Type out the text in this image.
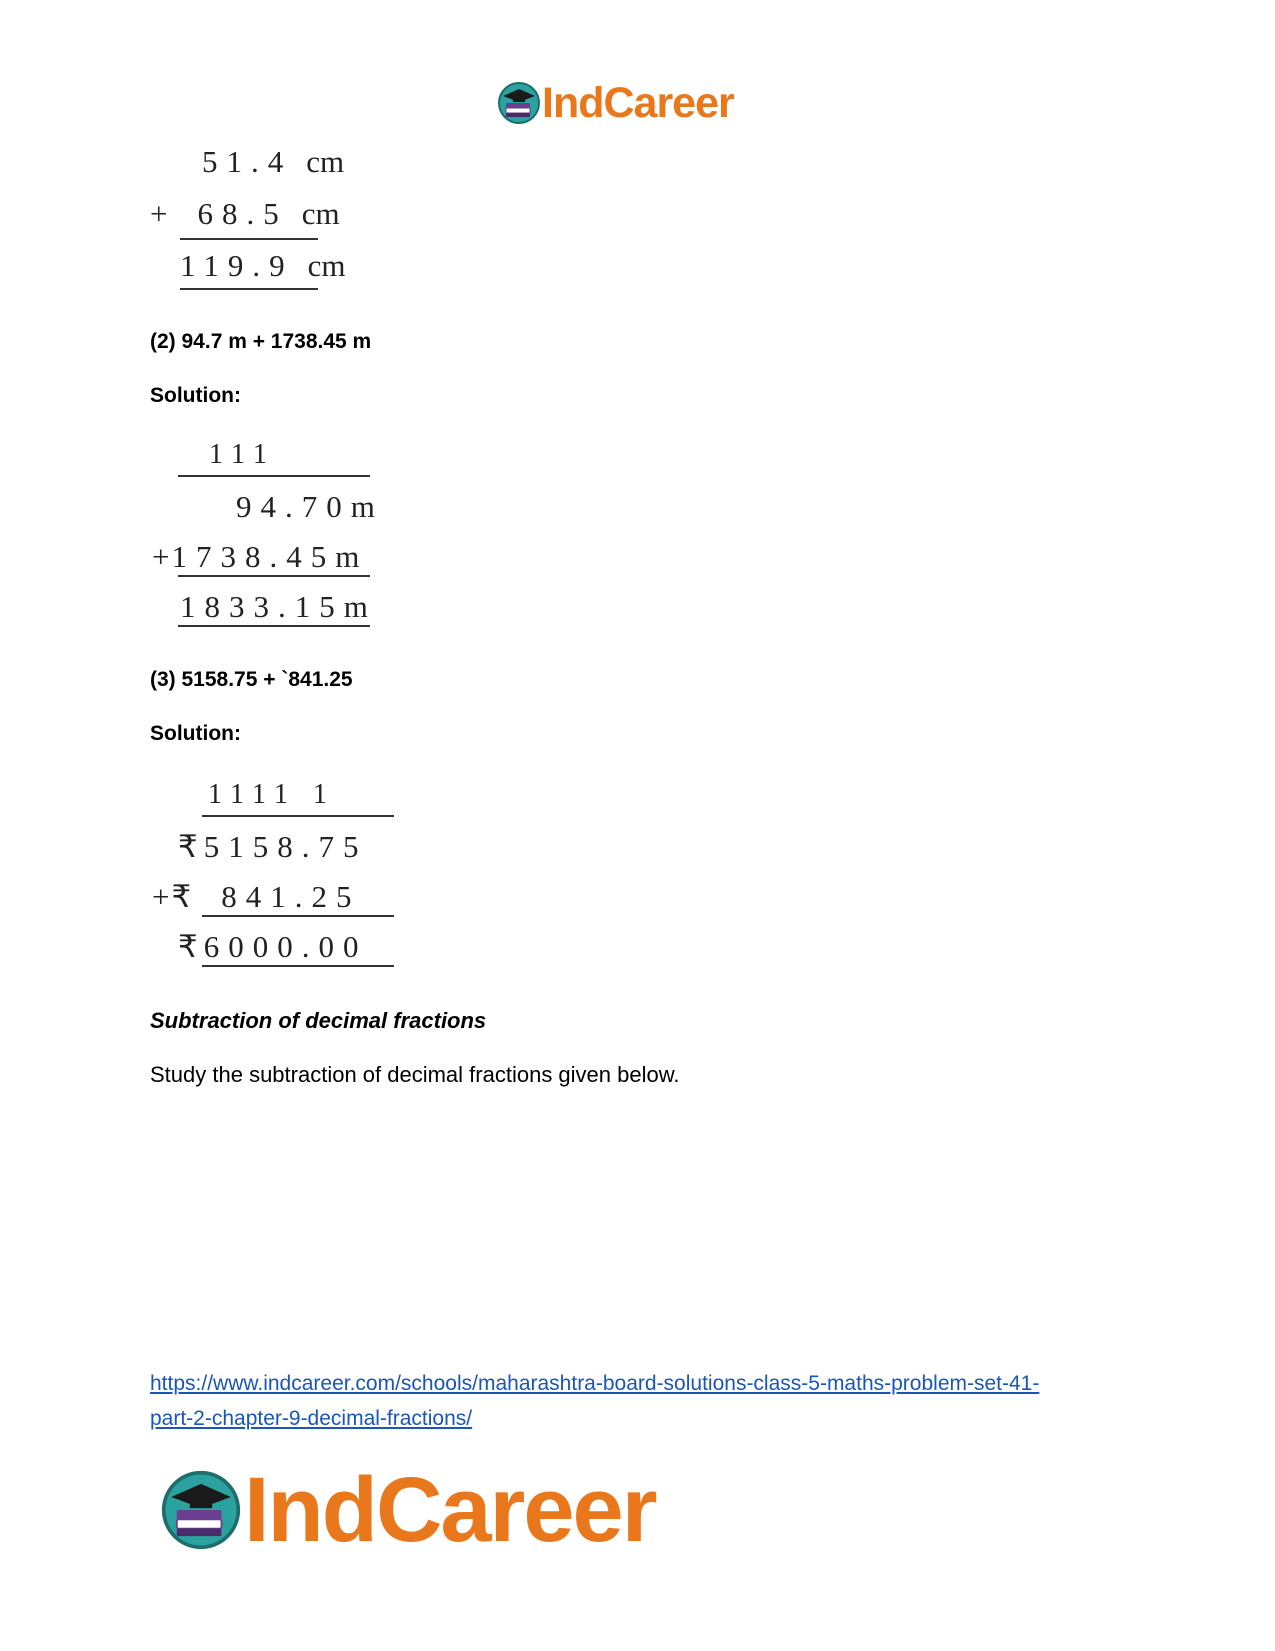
IndCareer
51.4 cm
+ 68.5 cm
119.9 cm
(2) 94.7 m + 1738.45 m
Solution:
111
94.70m
+1738.45m
1833.15m
(3) 5158.75 + `841.25
Solution:
1111 1
₹ 5158.75
+₹ 841.25
₹ 6000.00
Subtraction of decimal fractions
Study the subtraction of decimal fractions given below.
https://www.indcareer.com/schools/maharashtra-board-solutions-class-5-maths-problem-set-41-
part-2-chapter-9-decimal-fractions/
IndCareer
